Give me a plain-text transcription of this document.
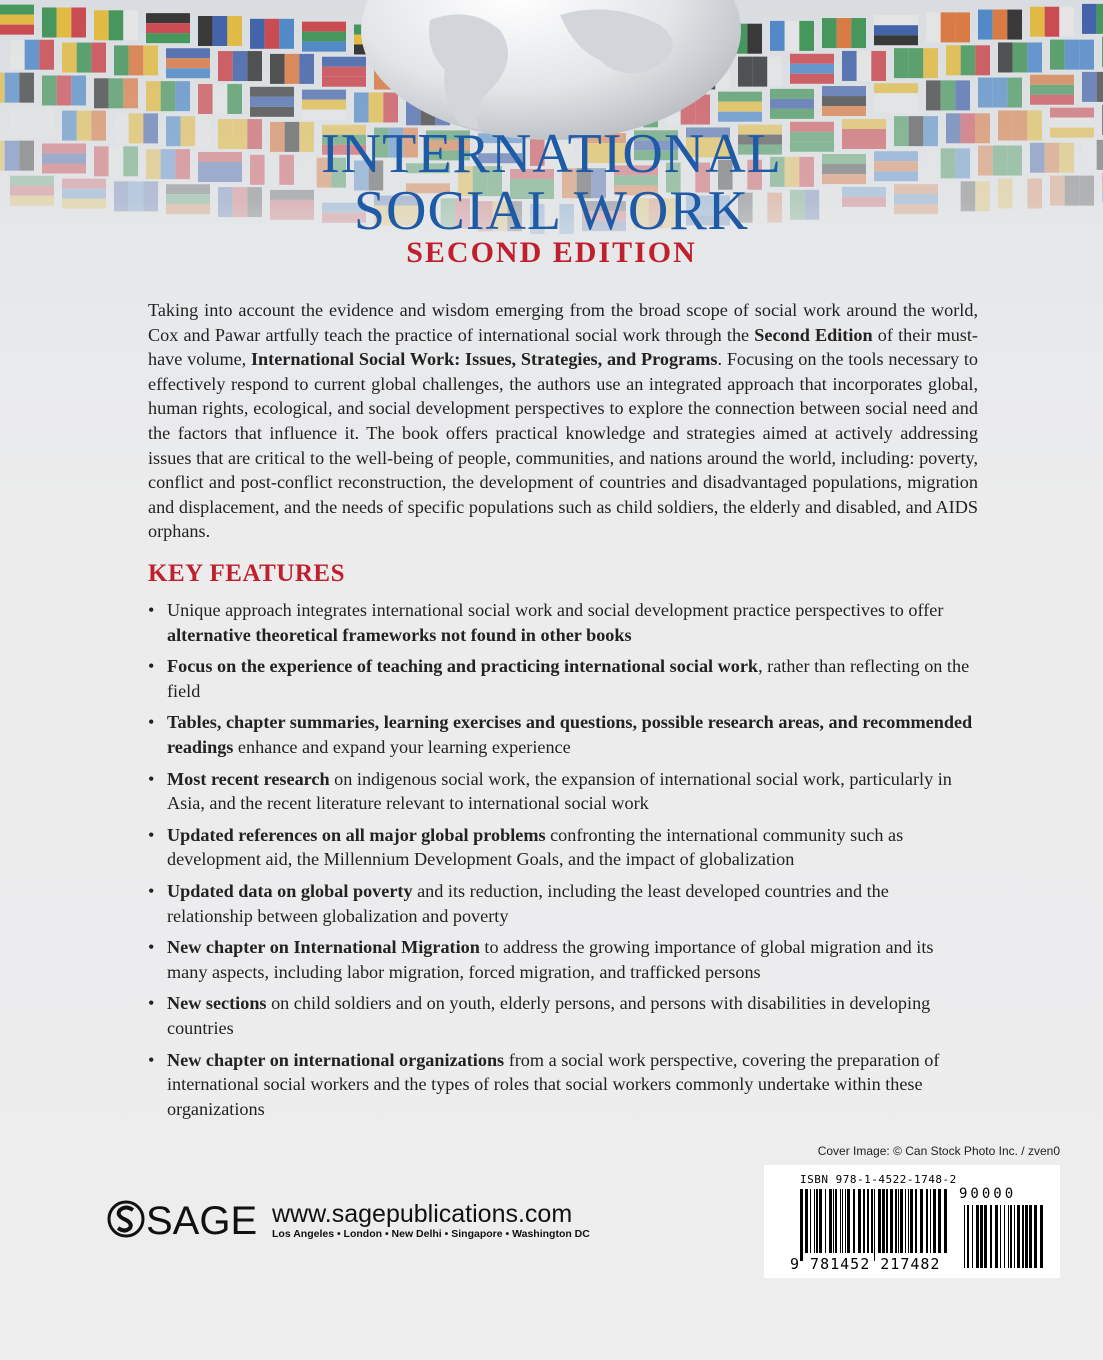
INTERNATIONAL
SOCIAL WORK
SECOND EDITION
Taking into account the evidence and wisdom emerging from the broad scope of social work around the world, Cox and Pawar artfully teach the practice of international social work through the Second Edition of their must-have volume, International Social Work: Issues, Strategies, and Programs. Focusing on the tools necessary to effectively respond to current global challenges, the authors use an integrated approach that incorporates global, human rights, ecological, and social development perspectives to explore the connection between social need and the factors that influence it. The book offers practical knowledge and strategies aimed at actively addressing issues that are critical to the well-being of people, communities, and nations around the world, including: poverty, conflict and post-conflict reconstruction, the development of countries and disadvantaged populations, migration and displacement, and the needs of specific populations such as child soldiers, the elderly and disabled, and AIDS orphans.
KEY FEATURES
• Unique approach integrates international social work and social development practice perspectives to offer alternative theoretical frameworks not found in other books
• Focus on the experience of teaching and practicing international social work, rather than reflecting on the field
• Tables, chapter summaries, learning exercises and questions, possible research areas, and recommended readings enhance and expand your learning experience
• Most recent research on indigenous social work, the expansion of international social work, particularly in Asia, and the recent literature relevant to international social work
• Updated references on all major global problems confronting the international community such as development aid, the Millennium Development Goals, and the impact of globalization
• Updated data on global poverty and its reduction, including the least developed countries and the relationship between globalization and poverty
• New chapter on International Migration to address the growing importance of global migration and its many aspects, including labor migration, forced migration, and trafficked persons
• New sections on child soldiers and on youth, elderly persons, and persons with disabilities in developing countries
• New chapter on international organizations from a social work perspective, covering the preparation of international social workers and the types of roles that social workers commonly undertake within these organizations
Cover Image: © Can Stock Photo Inc. / zven0
ISBN 978-1-4522-1748-2
90000
9 781452 217482
SAGE www.sagepublications.com
Los Angeles • London • New Delhi • Singapore • Washington DC
